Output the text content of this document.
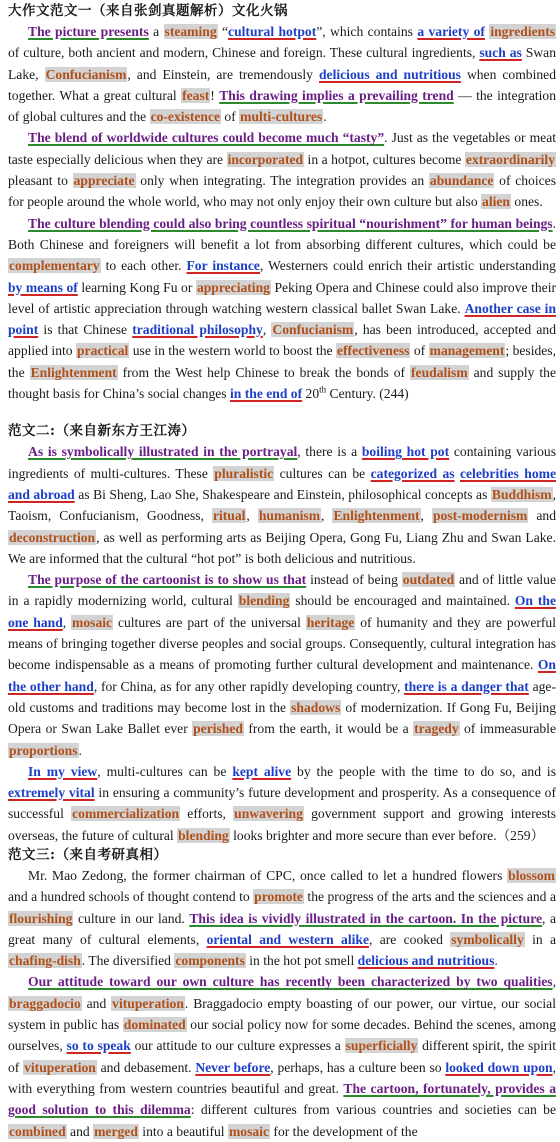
大作文范文一（来自张剑真题解析）文化火锅

The picture presents a steaming “cultural hotpot”, which contains a variety of ingredients of culture, both ancient and modern, Chinese and foreign. These cultural ingredients, such as Swan Lake, Confucianism, and Einstein, are tremendously delicious and nutritious when combined together. What a great cultural feast! This drawing implies a prevailing trend — the integration of global cultures and the co-existence of multi-cultures.

The blend of worldwide cultures could become much “tasty”. Just as the vegetables or meat taste especially delicious when they are incorporated in a hotpot, cultures become extraordinarily pleasant to appreciate only when integrating. The integration provides an abundance of choices for people around the whole world, who may not only enjoy their own culture but also alien ones.

The culture blending could also bring countless spiritual “nourishment” for human beings. Both Chinese and foreigners will benefit a lot from absorbing different cultures, which could be complementary to each other. For instance, Westerners could enrich their artistic understanding by means of learning Kong Fu or appreciating Peking Opera and Chinese could also improve their level of artistic appreciation through watching western classical ballet Swan Lake. Another case in point is that Chinese traditional philosophy, Confucianism, has been introduced, accepted and applied into practical use in the western world to boost the effectiveness of management; besides, the Enlightenment from the West help Chinese to break the bonds of feudalism and supply the thought basis for China’s social changes in the end of 20th Century. (244)

范文二:（来自新东方王江涛）

As is symbolically illustrated in the portrayal, there is a boiling hot pot containing various ingredients of multi-cultures. These pluralistic cultures can be categorized as celebrities home and abroad as Bi Sheng, Lao She, Shakespeare and Einstein, philosophical concepts as Buddhism, Taoism, Confucianism, Goodness, ritual, humanism, Enlightenment, post-modernism and deconstruction, as well as performing arts as Beijing Opera, Gong Fu, Liang Zhu and Swan Lake. We are informed that the cultural “hot pot” is both delicious and nutritious.

The purpose of the cartoonist is to show us that instead of being outdated and of little value in a rapidly modernizing world, cultural blending should be encouraged and maintained. On the one hand, mosaic cultures are part of the universal heritage of humanity and they are powerful means of bringing together diverse peoples and social groups. Consequently, cultural integration has become indispensable as a means of promoting further cultural development and maintenance. On the other hand, for China, as for any other rapidly developing country, there is a danger that age-old customs and traditions may become lost in the shadows of modernization. If Gong Fu, Beijing Opera or Swan Lake Ballet ever perished from the earth, it would be a tragedy of immeasurable proportions.

In my view, multi-cultures can be kept alive by the people with the time to do so, and is extremely vital in ensuring a community’s future development and prosperity. As a consequence of successful commercialization efforts, unwavering government support and growing interests overseas, the future of cultural blending looks brighter and more secure than ever before.（259）

范文三:（来自考研真相）

Mr. Mao Zedong, the former chairman of CPC, once called to let a hundred flowers blossom and a hundred schools of thought contend to promote the progress of the arts and the sciences and a flourishing culture in our land. This idea is vividly illustrated in the cartoon. In the picture, a great many of cultural elements, oriental and western alike, are cooked symbolically in a chafing-dish. The diversified components in the hot pot smell delicious and nutritious.

Our attitude toward our own culture has recently been characterized by two qualities, braggadocio and vituperation. Braggadocio empty boasting of our power, our virtue, our social system in public has dominated our social policy now for some decades. Behind the scenes, among ourselves, so to speak our attitude to our culture expresses a superficially different spirit, the spirit of vituperation and debasement. Never before, perhaps, has a culture been so looked down upon, with everything from western countries beautiful and great. The cartoon, fortunately, provides a good solution to this dilemma: different cultures from various countries and societies can be combined and merged into a beautiful mosaic for the development of the
